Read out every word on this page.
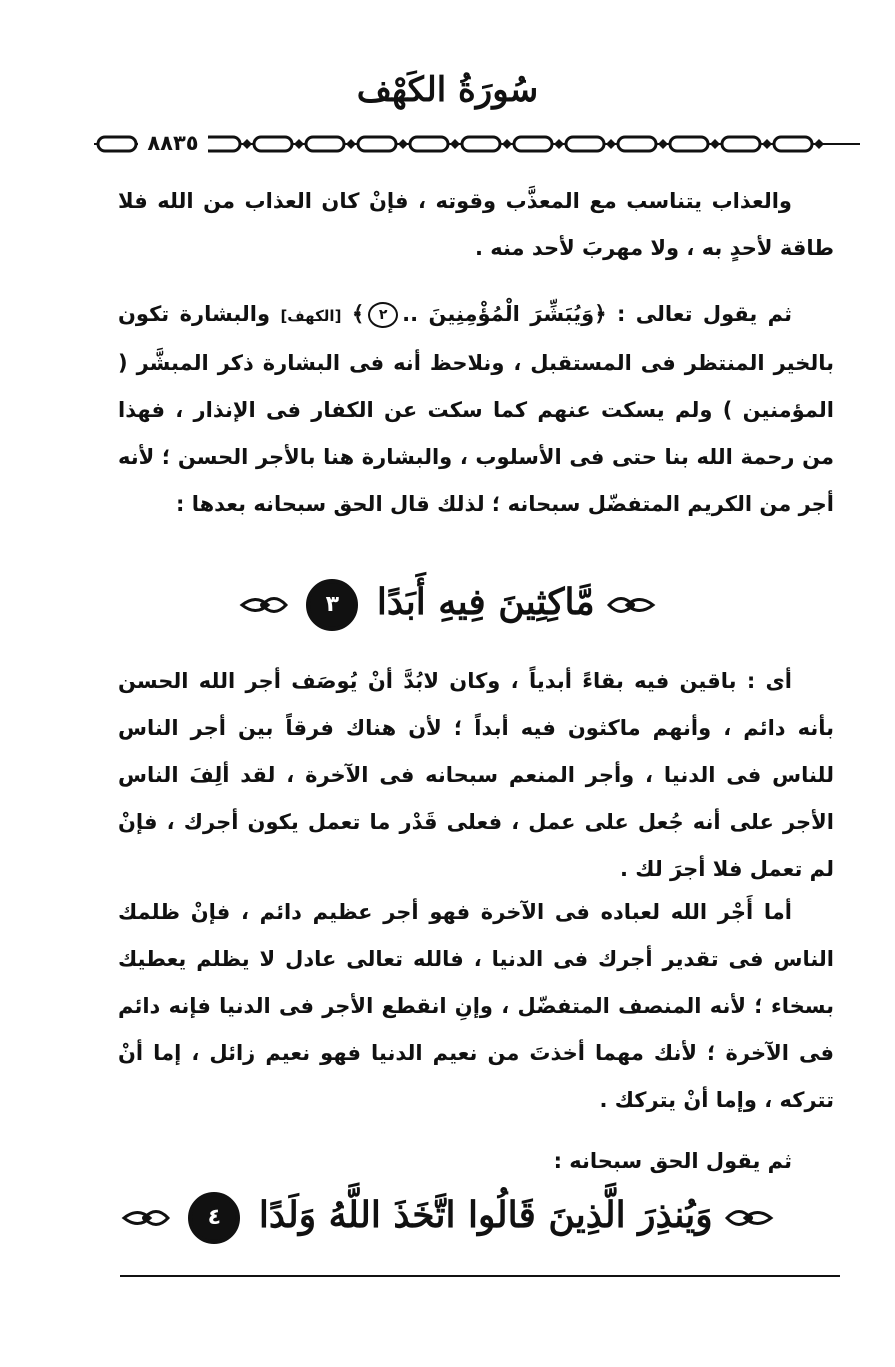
سُورَةُ الكَهْف
٨٨٣٥

والعذاب يتناسب مع المعذَّب وقوته ، فإنْ كان العذاب من الله فلا طاقة لأحدٍ به ، ولا مهربَ لأحد منه .

ثم يقول تعالى : ﴿وَيُبَشِّرَ الْمُؤْمِنِينَ ..٢﴾ [الكهف] والبشارة تكون بالخير المنتظر فى المستقبل ، ونلاحظ أنه فى البشارة ذكر المبشَّر ( المؤمنين ) ولم يسكت عنهم كما سكت عن الكفار فى الإنذار ، فهذا من رحمة الله بنا حتى فى الأسلوب ، والبشارة هنا بالأجر الحسن ؛ لأنه أجر من الكريم المتفضّل سبحانه ؛ لذلك قال الحق سبحانه بعدها :

مَّاكِثِينَ فِيهِ أَبَدًا ٣

أى : باقين فيه بقاءً أبدياً ، وكان لابُدَّ أنْ يُوصَف أجر الله الحسن بأنه دائم ، وأنهم ماكثون فيه أبداً ؛ لأن هناك فرقاً بين أجر الناس للناس فى الدنيا ، وأجر المنعم سبحانه فى الآخرة ، لقد ألِفَ الناس الأجر على أنه جُعل على عمل ، فعلى قَدْر ما تعمل يكون أجرك ، فإنْ لم تعمل فلا أجرَ لك .

أما أَجْر الله لعباده فى الآخرة فهو أجر عظيم دائم ، فإنْ ظلمك الناس فى تقدير أجرك فى الدنيا ، فالله تعالى عادل لا يظلم يعطيك بسخاء ؛ لأنه المنصف المتفضّل ، وإنِ انقطع الأجر فى الدنيا فإنه دائم فى الآخرة ؛ لأنك مهما أخذتَ من نعيم الدنيا فهو نعيم زائل ، إما أنْ تتركه ، وإما أنْ يتركك .

ثم يقول الحق سبحانه :

وَيُنذِرَ الَّذِينَ قَالُوا اتَّخَذَ اللَّهُ وَلَدًا ٤
